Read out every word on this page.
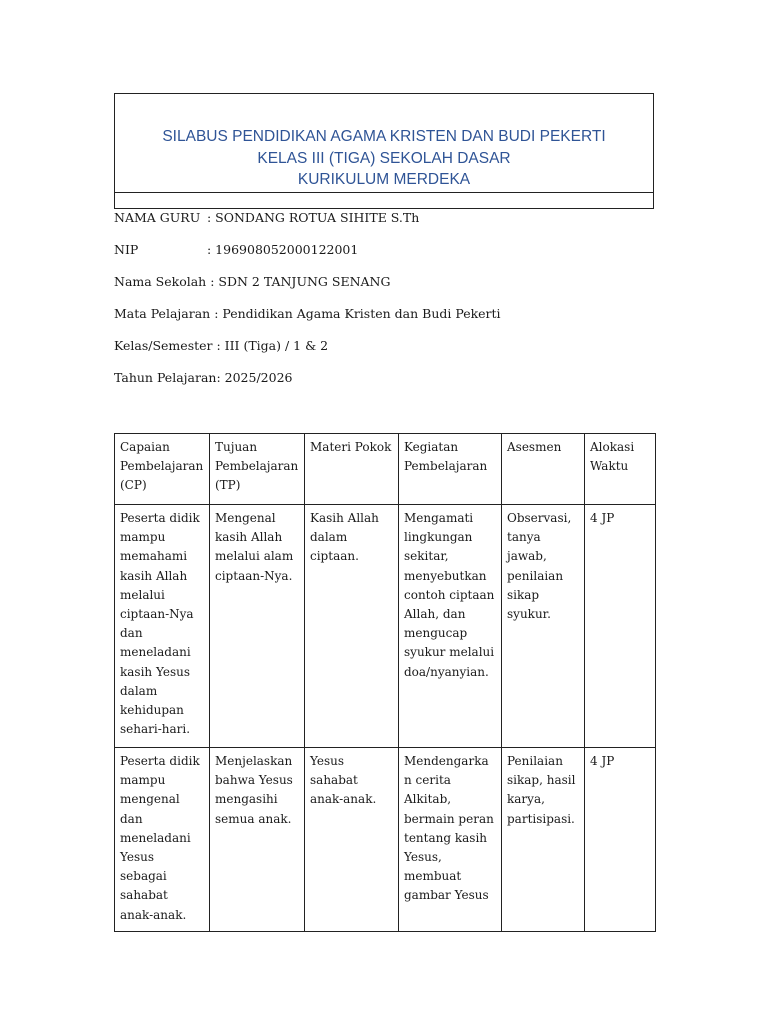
SILABUS PENDIDIKAN AGAMA KRISTEN DAN BUDI PEKERTI
KELAS III (TIGA) SEKOLAH DASAR
KURIKULUM MERDEKA
NAMA GURU : SONDANG ROTUA SIHITE S.Th
NIP	: 196908052000122001
Nama Sekolah : SDN 2 TANJUNG SENANG
Mata Pelajaran : Pendidikan Agama Kristen dan Budi Pekerti
Kelas/Semester : III (Tiga) / 1 & 2
Tahun Pelajaran: 2025/2026
Capaian Pembelajaran (CP)	Tujuan Pembelajaran (TP)	Materi Pokok	Kegiatan Pembelajaran	Asesmen	Alokasi Waktu
Peserta didik mampu memahami kasih Allah melalui ciptaan-Nya dan meneladani kasih Yesus dalam kehidupan sehari-hari.	Mengenal kasih Allah melalui alam ciptaan-Nya.	Kasih Allah dalam ciptaan.	Mengamati lingkungan sekitar, menyebutkan contoh ciptaan Allah, dan mengucap syukur melalui doa/nyanyian.	Observasi, tanya jawab, penilaian sikap syukur.	4 JP
Peserta didik mampu mengenal dan meneladani Yesus sebagai sahabat anak-anak.	Menjelaskan bahwa Yesus mengasihi semua anak.	Yesus sahabat anak-anak.	Mendengarkan cerita Alkitab, bermain peran tentang kasih Yesus, membuat gambar Yesus	Penilaian sikap, hasil karya, partisipasi.	4 JP
